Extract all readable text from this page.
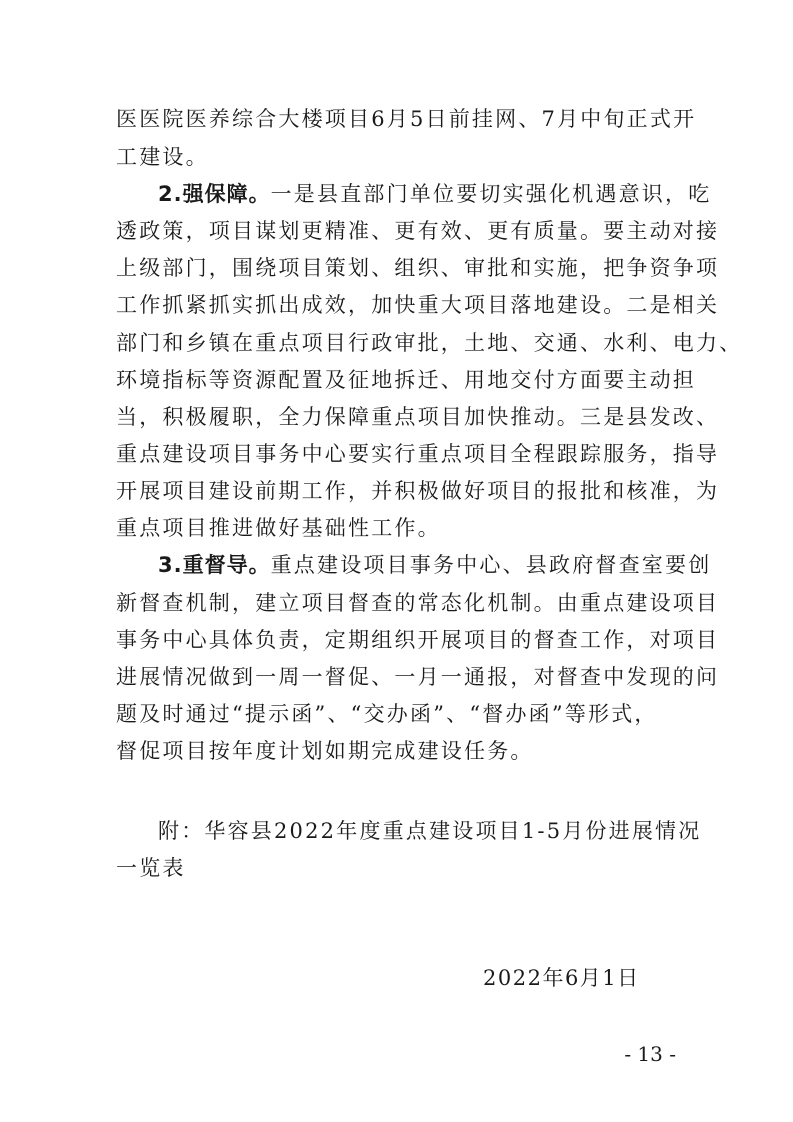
医医院医养综合大楼项目6月5日前挂网、7月中旬正式开
工建设。
2.强保障。一是县直部门单位要切实强化机遇意识，吃
透政策，项目谋划更精准、更有效、更有质量。要主动对接
上级部门，围绕项目策划、组织、审批和实施，把争资争项
工作抓紧抓实抓出成效，加快重大项目落地建设。二是相关
部门和乡镇在重点项目行政审批，土地、交通、水利、电力、
环境指标等资源配置及征地拆迁、用地交付方面要主动担
当，积极履职，全力保障重点项目加快推动。三是县发改、
重点建设项目事务中心要实行重点项目全程跟踪服务，指导
开展项目建设前期工作，并积极做好项目的报批和核准，为
重点项目推进做好基础性工作。
3.重督导。重点建设项目事务中心、县政府督查室要创
新督查机制，建立项目督查的常态化机制。由重点建设项目
事务中心具体负责，定期组织开展项目的督查工作，对项目
进展情况做到一周一督促、一月一通报，对督查中发现的问
题及时通过“提示函”、“交办函”、“督办函”等形式，
督促项目按年度计划如期完成建设任务。
附：华容县2022年度重点建设项目1-5月份进展情况
一览表
2022年6月1日
- 13 -
